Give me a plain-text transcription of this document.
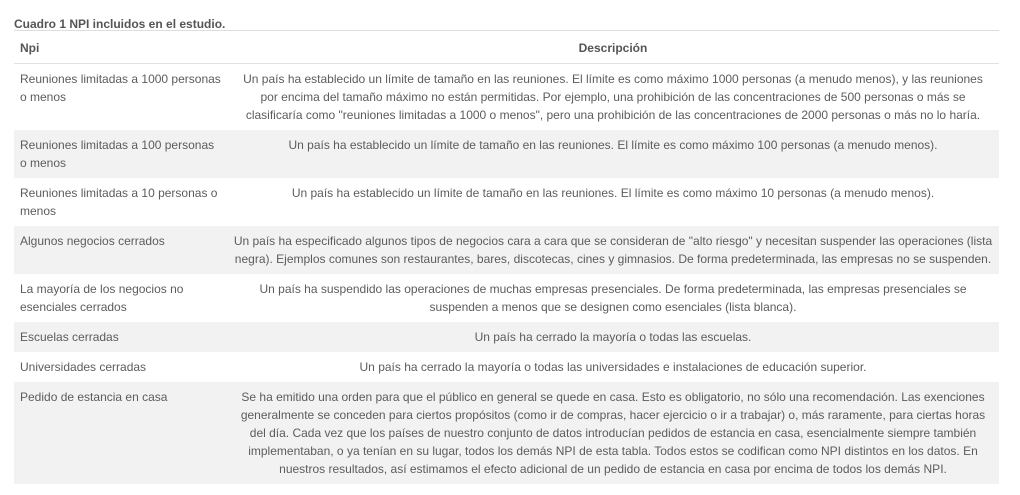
Cuadro 1 NPI incluidos en el estudio.
Npi	Descripción
Reuniones limitadas a 1000 personas o menos	Un país ha establecido un límite de tamaño en las reuniones. El límite es como máximo 1000 personas (a menudo menos), y las reuniones por encima del tamaño máximo no están permitidas. Por ejemplo, una prohibición de las concentraciones de 500 personas o más se clasificaría como "reuniones limitadas a 1000 o menos", pero una prohibición de las concentraciones de 2000 personas o más no lo haría.
Reuniones limitadas a 100 personas o menos	Un país ha establecido un límite de tamaño en las reuniones. El límite es como máximo 100 personas (a menudo menos).
Reuniones limitadas a 10 personas o menos	Un país ha establecido un límite de tamaño en las reuniones. El límite es como máximo 10 personas (a menudo menos).
Algunos negocios cerrados	Un país ha especificado algunos tipos de negocios cara a cara que se consideran de "alto riesgo" y necesitan suspender las operaciones (lista negra). Ejemplos comunes son restaurantes, bares, discotecas, cines y gimnasios. De forma predeterminada, las empresas no se suspenden.
La mayoría de los negocios no esenciales cerrados	Un país ha suspendido las operaciones de muchas empresas presenciales. De forma predeterminada, las empresas presenciales se suspenden a menos que se designen como esenciales (lista blanca).
Escuelas cerradas	Un país ha cerrado la mayoría o todas las escuelas.
Universidades cerradas	Un país ha cerrado la mayoría o todas las universidades e instalaciones de educación superior.
Pedido de estancia en casa	Se ha emitido una orden para que el público en general se quede en casa. Esto es obligatorio, no sólo una recomendación. Las exenciones generalmente se conceden para ciertos propósitos (como ir de compras, hacer ejercicio o ir a trabajar) o, más raramente, para ciertas horas del día. Cada vez que los países de nuestro conjunto de datos introducían pedidos de estancia en casa, esencialmente siempre también implementaban, o ya tenían en su lugar, todos los demás NPI de esta tabla. Todos estos se codifican como NPI distintos en los datos. En nuestros resultados, así estimamos el efecto adicional de un pedido de estancia en casa por encima de todos los demás NPI.
